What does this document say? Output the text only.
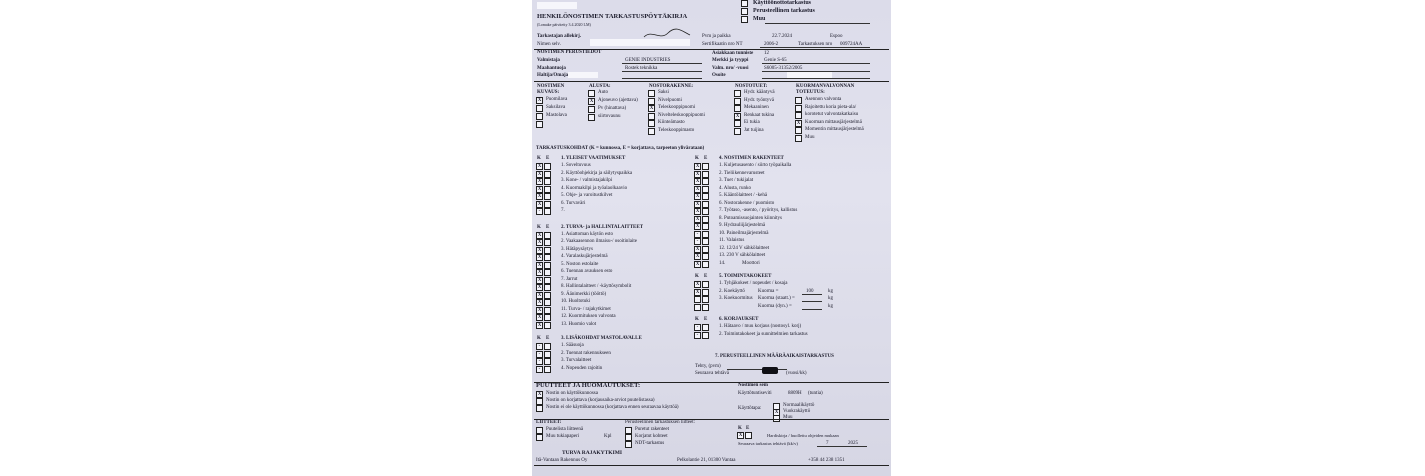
HENKILÖNOSTIMEN TARKASTUSPÖYTÄKIRJA
(Lomake päivitetty 3.4.2020 LM)
Käyttöönottotarkastus
Perusteellinen tarkastus
Muu
Tarkastajan allekirj.
Nimen selv.
Pvm ja paikka	22.7.2024	Espoo
Sertifikaatin nro NT	2006-2	Tarkastuksen nro 009724AA
NOSTIMEN PERUSTIEDOT
Valmistaja	GENIE INDUSTRIES
Maahantuoja	Rostek teknikka
Haltija/Omaja
Asiakkaan tunniste 12
Merkki ja tyyppi	Genie S-65
Valm. nro/ -vuosi	S6005-31352/2005
Osoite
NOSTIMEN
KUVAUS:
X Puomilava
Saksilava
Mastolava
ALUSTA:
Auto
X Ajoneuvo (ajettava)
Pv (hinattava)
siirtovaunu
NOSTORAKENNE:
Saksi
Nivelpuomi
X Teleskooppipuomi
Nivelteleskooppipuomi
Kiinteämasto
Teleskooppimasto
NOSTOTUET:
Hydr. kääntyvä
Hydr. työntyvä
Mekaaninen
X Renkaat tukina
Ei tukia
Jat tuijina
KUORMANVALVONNAN
TOTEUTUS:
Asennon valvonta
Rajoitettu koria pieta-ala/
korotetut valvontakatkaisu
X Kuorman mittausjärjestelmä
Momentin mittausjärjestelmä
Muu
TARKASTUSKOHDAT (K = kunnossa, E = korjattava, tarpeeton ylivärataan)
K E 1. YLEISET VAATIMUKSET
X	1. Soveltuvuus
X	2. Käyttöohjekirja ja säilytyspaikka
X	3. Kone- / valmistajakilpi
X	4. Kuormakilpi ja työalaolkaavio
X	5. Ohje- ja varoitustkilvet
X	6. Turvaväri
-	7.
K E 2. TURVA- ja HALLINTALAITTEET
X	1. Asiattoman käytön esto
X	2. Vaakaasennon ilmaisu-/ osoitinlaite
X	3. Hätäpysäytys
X	4. Varalaskujärjestelmä
X	5. Noston estolaite
X	6. Tuennan avauksen esto
X	7. Jarrut
X	8. Hallintalaitteet / -käyttösymbolit
X	9. Äänimerkki (tööttö)
X	10. Huoltotuki
X	11. Turva- / rajakytkimet
X	12. Kuormituksen valvonta
X	13. Huomio valot
K E 3. LISÄKOHDAT MASTOLAVALLE
-	1. Sääsuoja
-	2. Tuennat rakennukseen
-	3. Turvalaitteet
-	4. Nopeuden rajoitin
K E 4. NOSTIMEN RAKENTEET
X	1. Kuljetusasento / siirto työpaikalla
X	2. Tieliikennevarusteet
X	3. Tuet / tukijalat
X	4. Alusta, runko
X	5. Kääntölaitteet / -kehä
X	6. Nostorakenne / puomisto
X	7. Työtaso, -asento, / pyöritys, kallistus
X	8. Putoamissuojainten kiinnitys
X	9. Hydrauliijärjestelmä
-	10. Paineilmajärjestelmä
-	11. Valaistus
X	12. 12/24 V sähkölaitteet
X	13. 230 V sähkölaitteet
X	14.	Moottori
K E 5. TOIMINTAKOKEET
X	1. Tyhjäkokeet / nopeudet / kosaja
X	2. Koekäyttö	Kuorma =	100	kg
3. Koekuormitus Kuorma (staatt.) =	kg
Kuorma (dyn.) =	kg
K E 6. KORJAUKSET
-	1. Hätaavo / muu korjaus (nostosyl. korj)
-	2. Toimintakokeet ja sunnittelmien tarkastus
7. PERUSTEELLINEN MÄÄRÄAIKAISTARKASTUS
Tehty, (pvm)
Seuraava tehtävä	(vuosi/kk)
PUUTTEET JA HUOMAUTUKSET:
X Nostin on käyttökunnossa
Nostin on korjattava (korjausaika-arviot puutelistassa)
Nostin ei ole käyttökunnossa (korjattava ennen seuraavaa käyttöä)
Nostimen sem
Käyttötuntiseviti	8809H (tuntia)
Käyttötapa:
Normaalikäyttö
X Vuokrakäyttö
Muu
LIITTEET:
Puutelista liitteenä
Muu tukiapaperi	Kpl
Perusteellinen tarkastuksen liitteet:
Puretut rakenteet
Korjatut kohteet
NDT-tarkastus
K E
X	Hardiskirja / huollettu ohjeiden mukaan
Seuraava tarkastus tehtävä (kk/v)	7	2025
TURVA RAJAKYTKIMI
Itä-Vantaan Rakennus Oy	Pelkolantie 21, 01300 Vantaa	+358 44 238 1351
